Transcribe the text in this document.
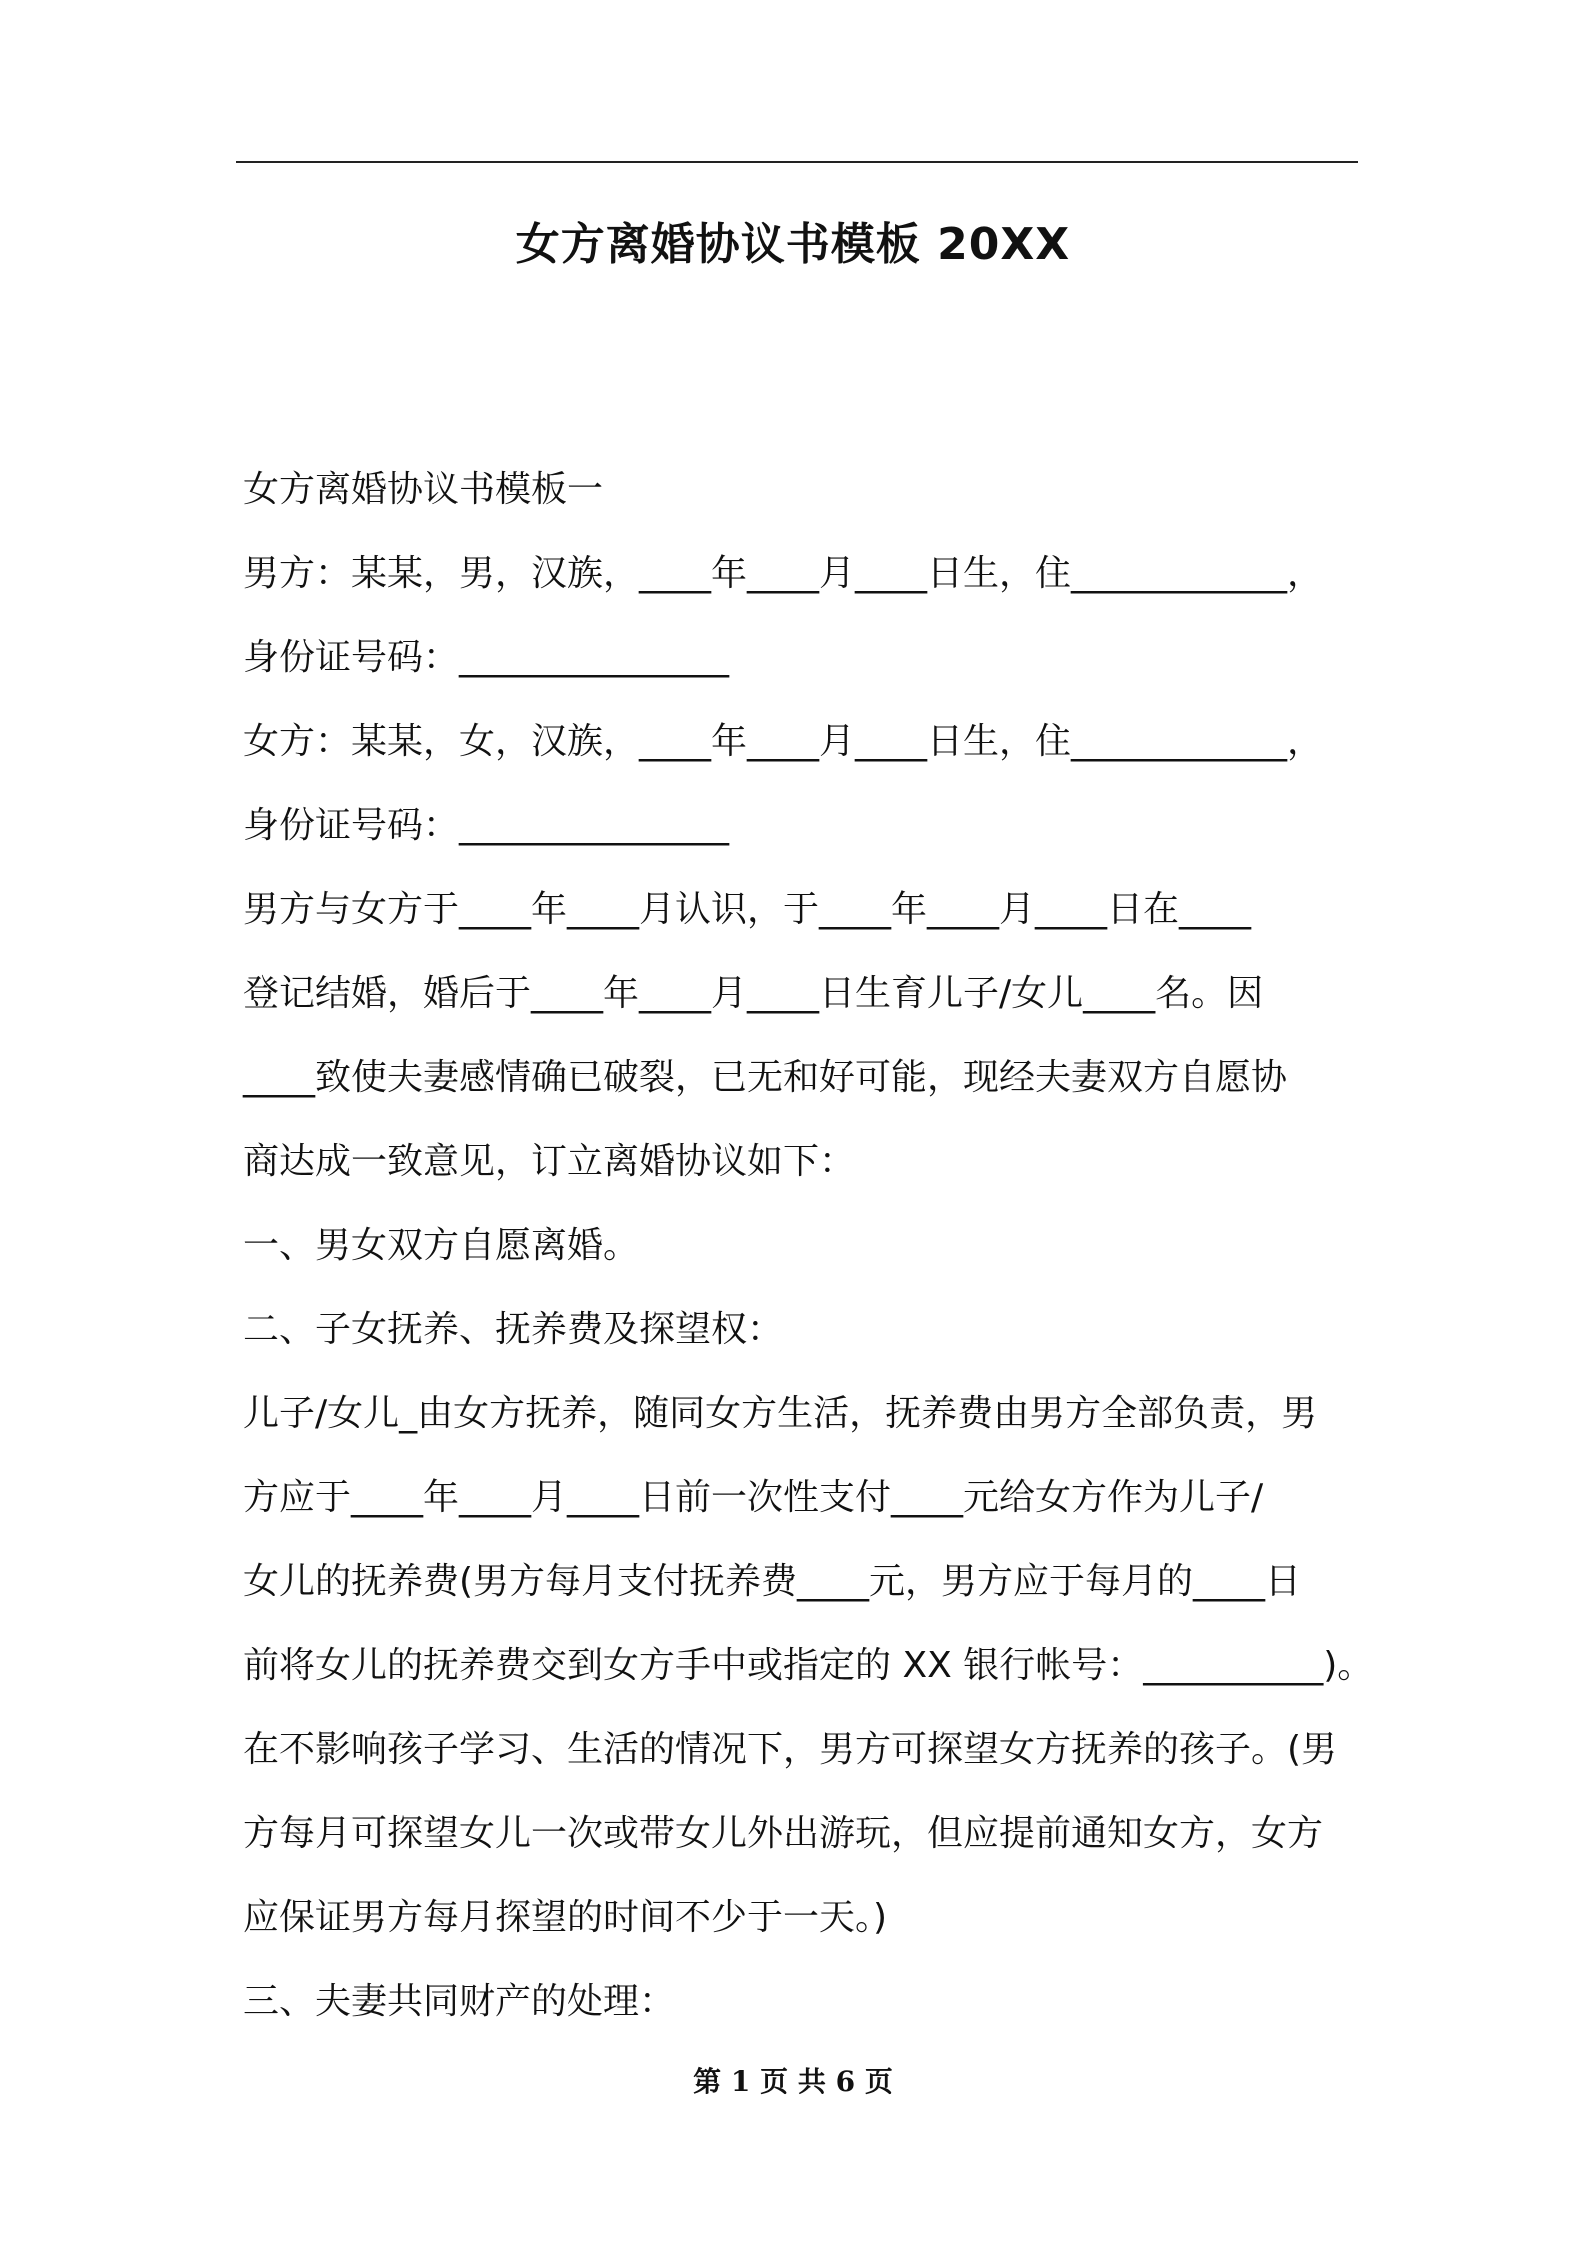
女方离婚协议书模板 20XX
女方离婚协议书模板一
男方：某某，男，汉族，____年____月____日生，住____________，
身份证号码：_______________
女方：某某，女，汉族，____年____月____日生，住____________，
身份证号码：_______________
男方与女方于____年____月认识，于____年____月____日在____
登记结婚，婚后于____年____月____日生育儿子/女儿____名。因
____致使夫妻感情确已破裂，已无和好可能，现经夫妻双方自愿协
商达成一致意见，订立离婚协议如下：
一、男女双方自愿离婚。
二、子女抚养、抚养费及探望权：
儿子/女儿_由女方抚养，随同女方生活，抚养费由男方全部负责，男
方应于____年____月____日前一次性支付____元给女方作为儿子/
女儿的抚养费(男方每月支付抚养费____元，男方应于每月的____日
前将女儿的抚养费交到女方手中或指定的 XX 银行帐号：__________)。
在不影响孩子学习、生活的情况下，男方可探望女方抚养的孩子。(男
方每月可探望女儿一次或带女儿外出游玩，但应提前通知女方，女方
应保证男方每月探望的时间不少于一天。)
三、夫妻共同财产的处理：
第 1 页 共 6 页
